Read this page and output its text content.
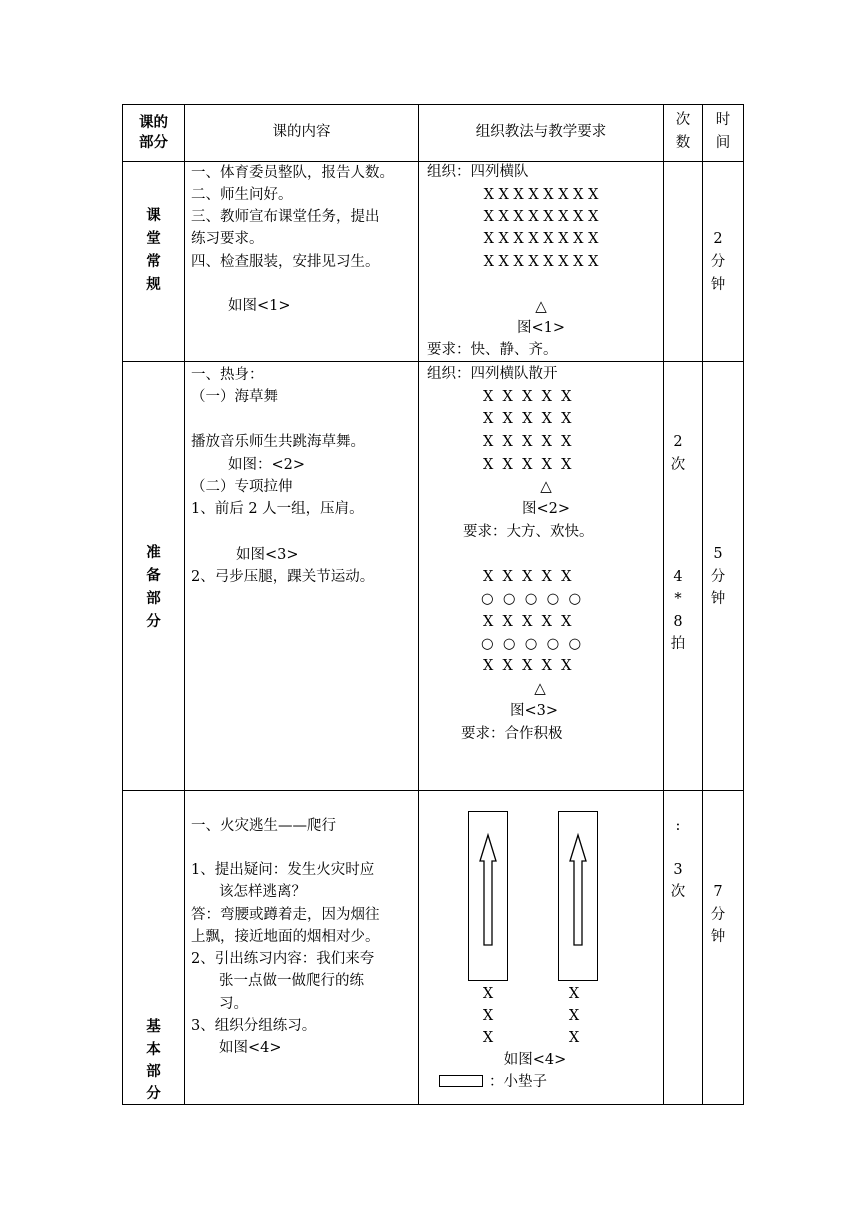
课的
部分
课的内容	组织教法与教学要求
次
数
时
间
课
堂
常
规
一、体育委员整队，报告人数。
二、师生问好。
三、教师宣布课堂任务，提出
练习要求。
四、检查服装，安排见习生。
如图<1>
组织：四列横队
X X X X X X X X
X X X X X X X X
X X X X X X X X
X X X X X X X X
△
图<1>
要求：快、静、齐。
2
分
钟
准
备
部
分
一、热身：
（一）海草舞
播放音乐师生共跳海草舞。
如图：<2>
（二）专项拉伸
1、前后 2 人一组，压肩。
如图<3>
2、弓步压腿，踝关节运动。
组织：四列横队散开
X  X  X  X  X
X  X  X  X  X
X  X  X  X  X
X  X  X  X  X
△
图<2>
要求：大方、欢快。
X  X  X  X  X
○  ○  ○  ○  ○
X  X  X  X  X
○  ○  ○  ○  ○
X  X  X  X  X
△
图<3>
要求：合作积极
2
次
4
*
8
拍
5
分
钟
基
本
部
分
一、火灾逃生——爬行
1、提出疑问：发生火灾时应
该怎样逃离？
答：弯腰或蹲着走，因为烟往
上飘，接近地面的烟相对少。
2、引出练习内容：我们来夸
张一点做一做爬行的练
习。
3、组织分组练习。
如图<4>
X
X
X
X
X
X
如图<4>
：小垫子
:
3
次	7
分
钟
